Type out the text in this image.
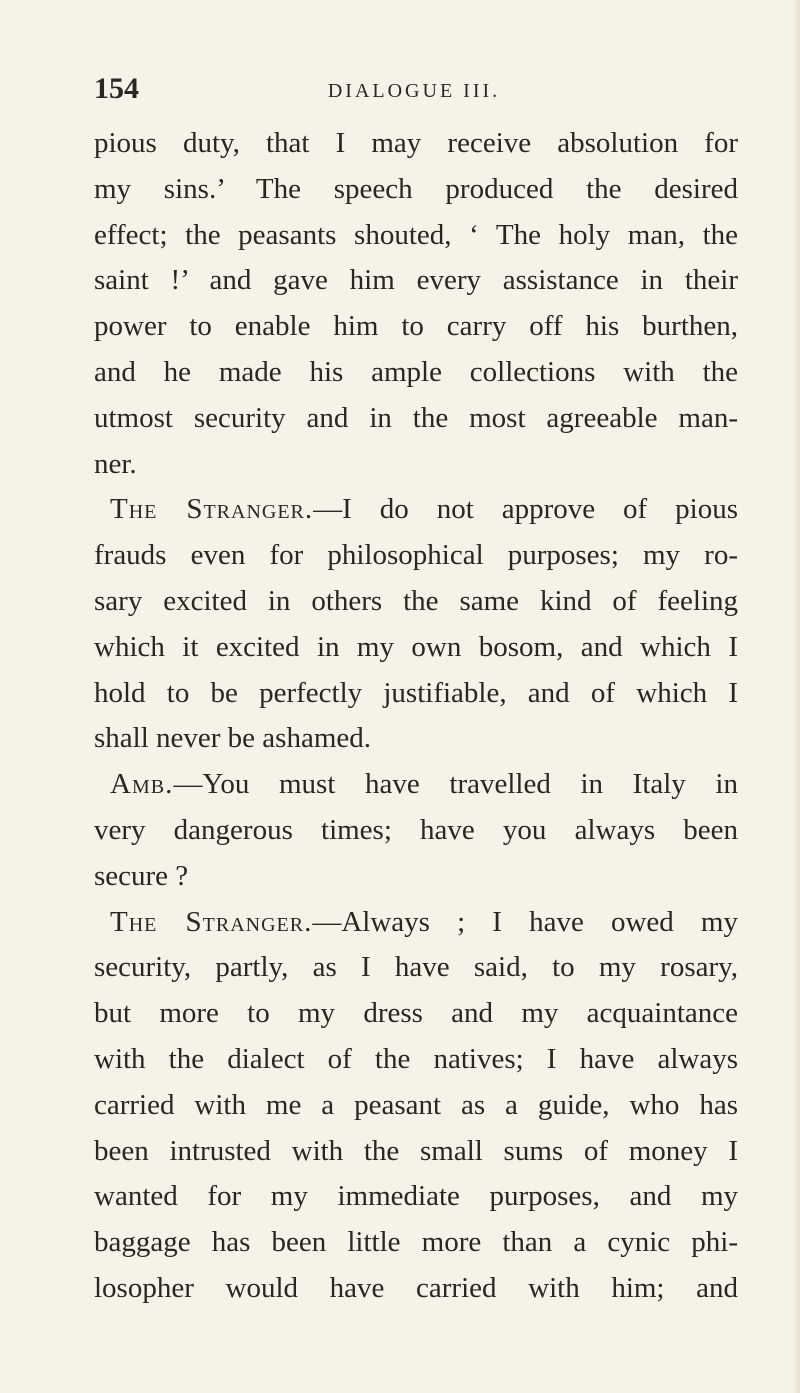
154	DIALOGUE III.
pious duty, that I may receive absolution for
my sins.’ The speech produced the desired
effect; the peasants shouted, ‘ The holy man, the
saint !’ and gave him every assistance in their
power to enable him to carry off his burthen,
and he made his ample collections with the
utmost security and in the most agreeable man-
ner.
The Stranger.—I do not approve of pious
frauds even for philosophical purposes; my ro-
sary excited in others the same kind of feeling
which it excited in my own bosom, and which I
hold to be perfectly justifiable, and of which I
shall never be ashamed.
Amb.—You must have travelled in Italy in
very dangerous times; have you always been
secure ?
The Stranger.—Always ; I have owed my
security, partly, as I have said, to my rosary,
but more to my dress and my acquaintance
with the dialect of the natives; I have always
carried with me a peasant as a guide, who has
been intrusted with the small sums of money I
wanted for my immediate purposes, and my
baggage has been little more than a cynic phi-
losopher would have carried with him; and
